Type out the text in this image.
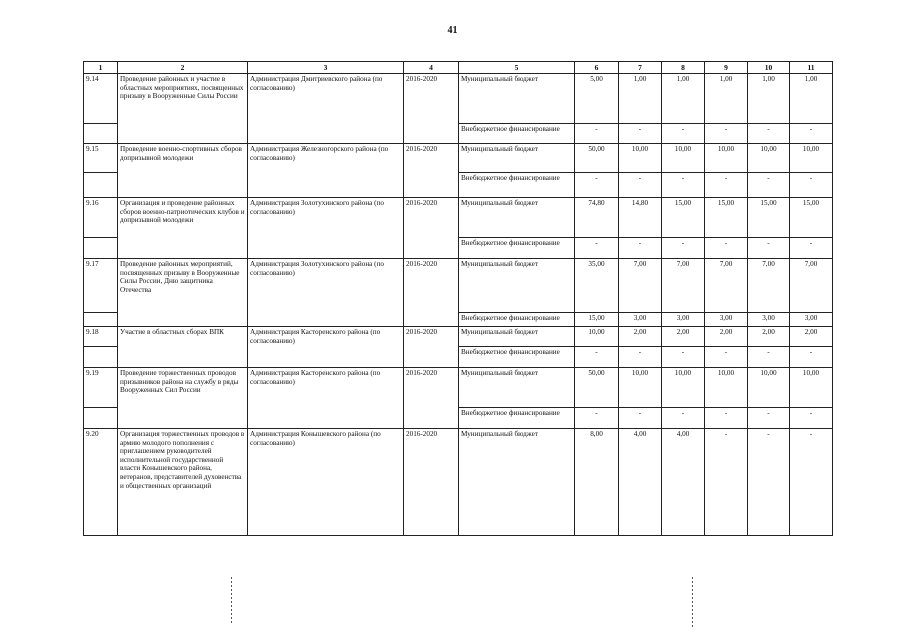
41
1	2	3	4	5	6	7	8	9	10	11
9.14	Проведение районных и участие в областных мероприятиях, посвященных призыву в Вооруженные Силы России	Администрация Дмитриевского района (по согласованию)	2016-2020	Муниципальный бюджет	5,00	1,00	1,00	1,00	1,00	1,00
				Внебюджетное финансирование	-	-	-	-	-	-
9.15	Проведение военно-спортивных сборов допризывной молодежи	Администрация Железногорского района (по согласованию)	2016-2020	Муниципальный бюджет	50,00	10,00	10,00	10,00	10,00	10,00
				Внебюджетное финансирование	-	-	-	-	-	-
9.16	Организация и проведение районных сборов военно-патриотических клубов и допризывной молодежи	Администрация Золотухинского района (по согласованию)	2016-2020	Муниципальный бюджет	74,80	14,80	15,00	15,00	15,00	15,00
				Внебюджетное финансирование	-	-	-	-	-	-
9.17	Проведение районных мероприятий, посвященных призыву в Вооруженные Силы России, Дню защитника Отечества	Администрация Золотухинского района (по согласованию)	2016-2020	Муниципальный бюджет	35,00	7,00	7,00	7,00	7,00	7,00
				Внебюджетное финансирование	15,00	3,00	3,00	3,00	3,00	3,00
9.18	Участие в областных сборах ВПК	Администрация Касторенского района (по согласованию)	2016-2020	Муниципальный бюджет	10,00	2,00	2,00	2,00	2,00	2,00
				Внебюджетное финансирование	-	-	-	-	-	-
9.19	Проведение торжественных проводов призывников района на службу в ряды Вооруженных Сил России	Администрация Касторенского района (по согласованию)	2016-2020	Муниципальный бюджет	50,00	10,00	10,00	10,00	10,00	10,00
				Внебюджетное финансирование	-	-	-	-	-	-
9.20	Организация торжественных проводов в армию молодого пополнения с приглашением руководителей исполнительной государственной власти Конышевского района, ветеранов, представителей духовенства и общественных организаций	Администрация Конышевского района (по согласованию)	2016-2020	Муниципальный бюджет	8,00	4,00	4,00	-	-	-
